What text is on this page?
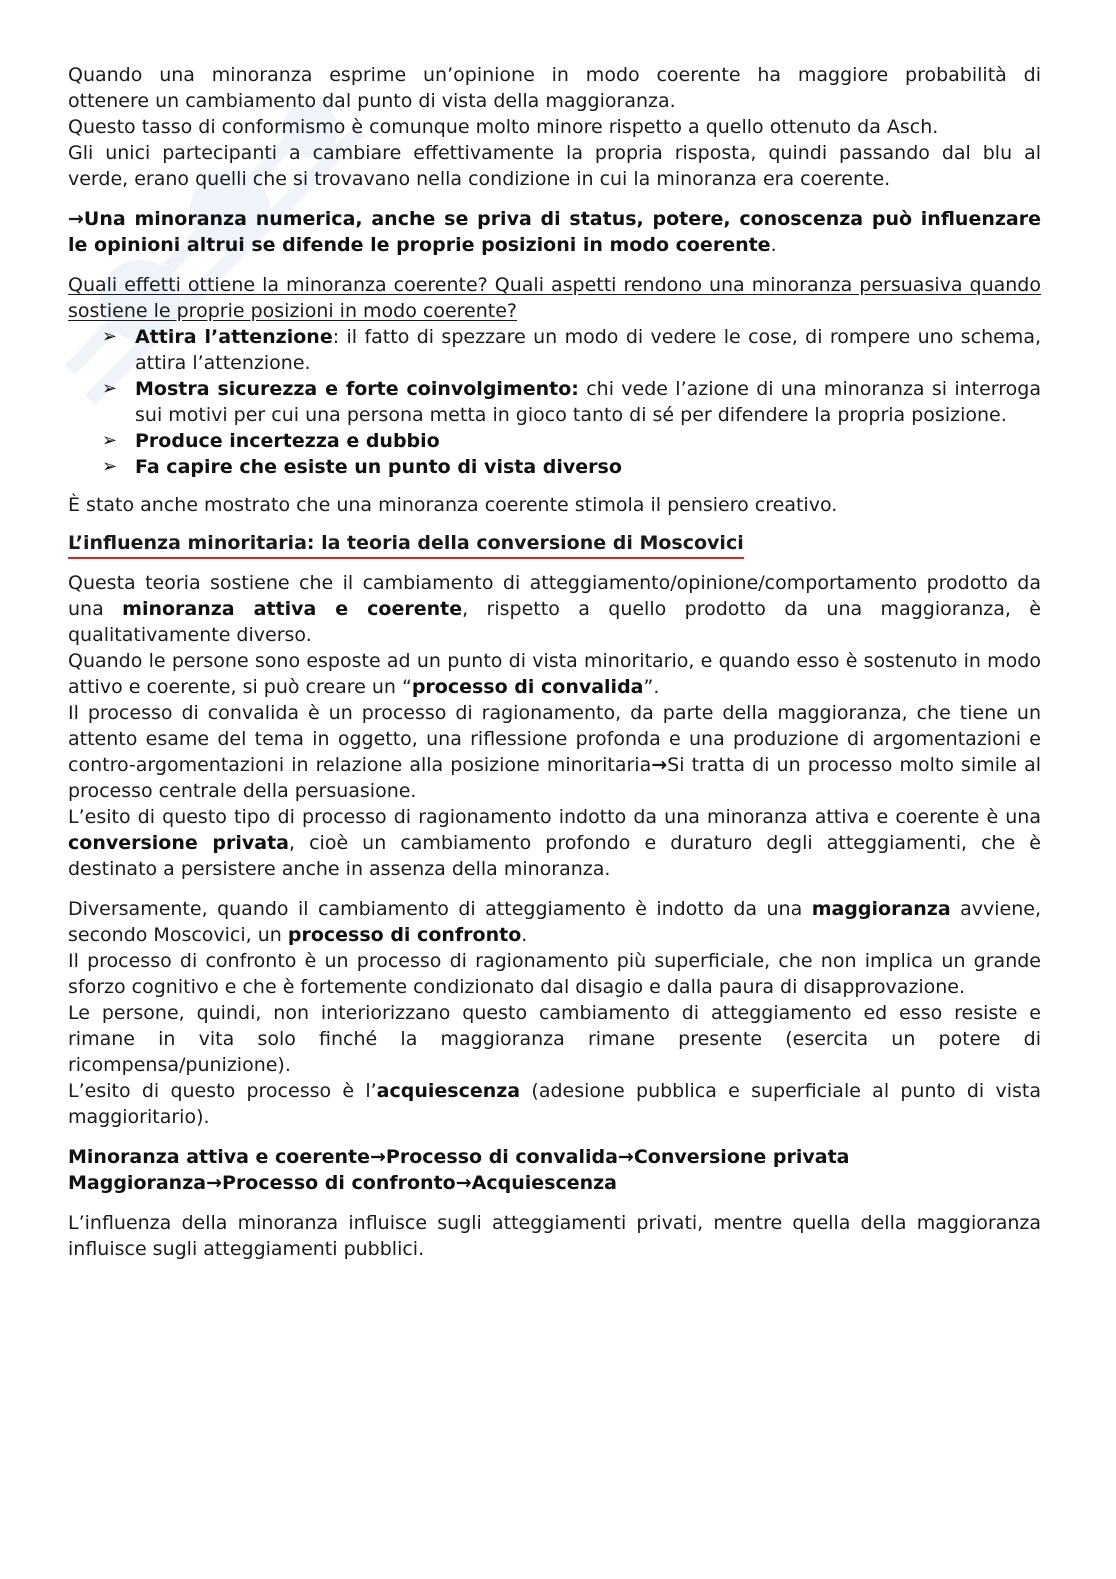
Quando una minoranza esprime un’opinione in modo coerente ha maggiore probabilità di

ottenere un cambiamento dal punto di vista della maggioranza.

Questo tasso di conformismo è comunque molto minore rispetto a quello ottenuto da Asch.

Gli unici partecipanti a cambiare effettivamente la propria risposta, quindi passando dal blu al

verde, erano quelli che si trovavano nella condizione in cui la minoranza era coerente.

→Una minoranza numerica, anche se priva di status, potere, conoscenza può influenzare le opinioni altrui se difende le proprie posizioni in modo coerente.

Quali effetti ottiene la minoranza coerente? Quali aspetti rendono una minoranza persuasiva quando sostiene le proprie posizioni in modo coerente?

➢ Attira l’attenzione: il fatto di spezzare un modo di vedere le cose, di rompere uno schema, attira l’attenzione.
➢ Mostra sicurezza e forte coinvolgimento: chi vede l’azione di una minoranza si interroga sui motivi per cui una persona metta in gioco tanto di sé per difendere la propria posizione.
➢ Produce incertezza e dubbio
➢ Fa capire che esiste un punto di vista diverso

È stato anche mostrato che una minoranza coerente stimola il pensiero creativo.

L’influenza minoritaria: la teoria della conversione di Moscovici

Questa teoria sostiene che il cambiamento di atteggiamento/opinione/comportamento prodotto da una minoranza attiva e coerente, rispetto a quello prodotto da una maggioranza, è qualitativamente diverso.

Quando le persone sono esposte ad un punto di vista minoritario, e quando esso è sostenuto in modo attivo e coerente, si può creare un “processo di convalida”.

Il processo di convalida è un processo di ragionamento, da parte della maggioranza, che tiene un attento esame del tema in oggetto, una riflessione profonda e una produzione di argomentazioni e contro-argomentazioni in relazione alla posizione minoritaria→Si tratta di un processo molto simile al processo centrale della persuasione.

L’esito di questo tipo di processo di ragionamento indotto da una minoranza attiva e coerente è una conversione privata, cioè un cambiamento profondo e duraturo degli atteggiamenti, che è destinato a persistere anche in assenza della minoranza.

Diversamente, quando il cambiamento di atteggiamento è indotto da una maggioranza avviene, secondo Moscovici, un processo di confronto.

Il processo di confronto è un processo di ragionamento più superficiale, che non implica un grande sforzo cognitivo e che è fortemente condizionato dal disagio e dalla paura di disapprovazione.

Le persone, quindi, non interiorizzano questo cambiamento di atteggiamento ed esso resiste e rimane in vita solo finché la maggioranza rimane presente (esercita un potere di ricompensa/punizione).

L’esito di questo processo è l’acquiescenza (adesione pubblica e superficiale al punto di vista maggioritario).

Minoranza attiva e coerente→Processo di convalida→Conversione privata

Maggioranza→Processo di confronto→Acquiescenza

L’influenza della minoranza influisce sugli atteggiamenti privati, mentre quella della maggioranza influisce sugli atteggiamenti pubblici.
